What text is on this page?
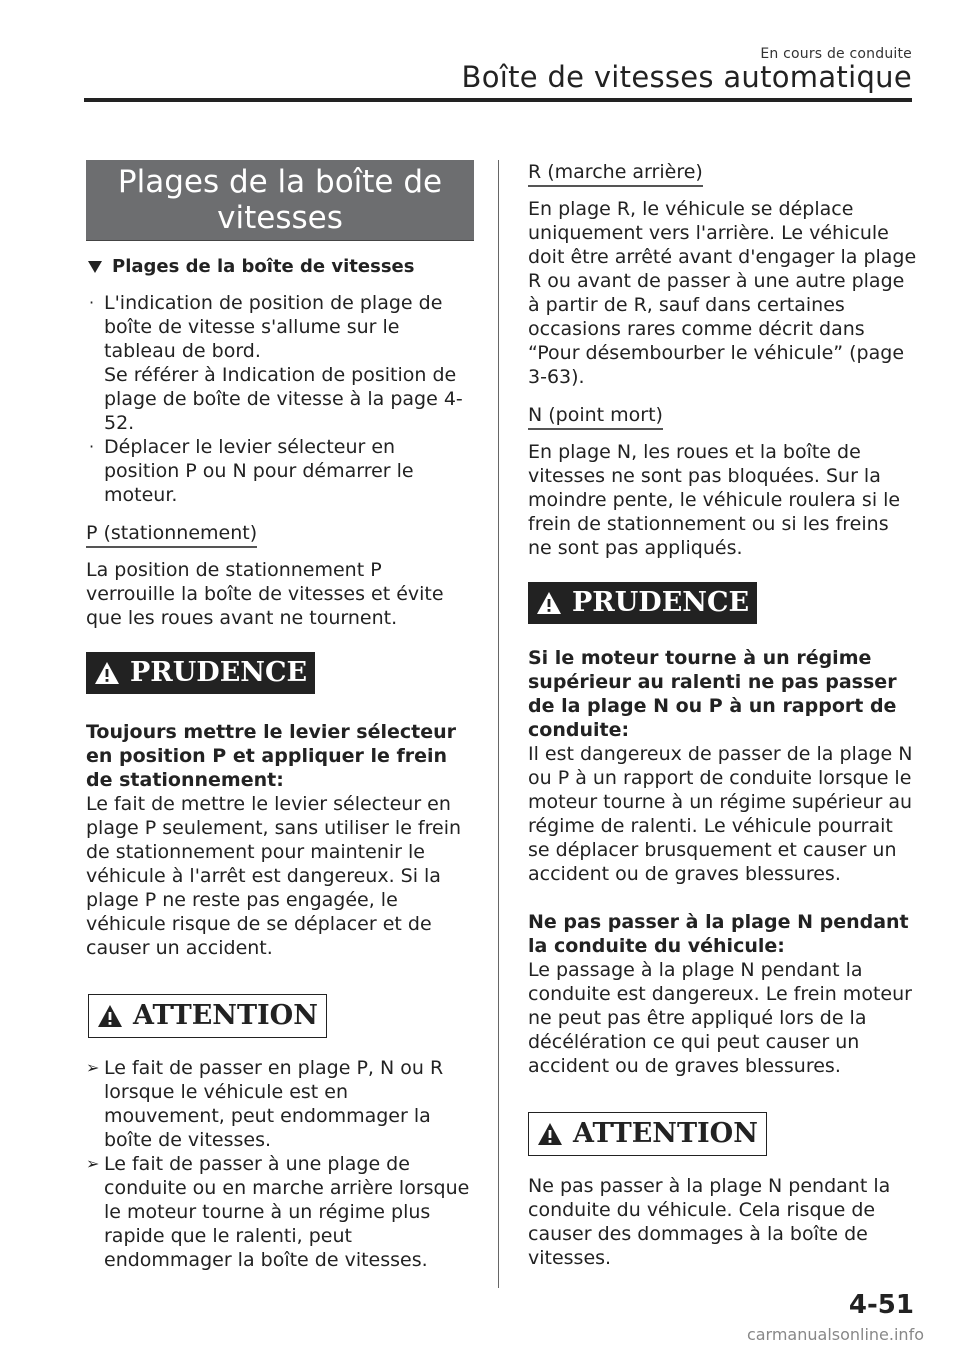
En cours de conduite
Boîte de vitesses automatique
Plages de la boîte de
vitesses
Plages de la boîte de vitesses
· L'indication de position de plage de boîte de vitesse s'allume sur le tableau de bord.
Se référer à Indication de position de plage de boîte de vitesse à la page 4-52.
· Déplacer le levier sélecteur en position P ou N pour démarrer le moteur.
P (stationnement)
La position de stationnement P verrouille la boîte de vitesses et évite que les roues avant ne tournent.
PRUDENCE
Toujours mettre le levier sélecteur en position P et appliquer le frein de stationnement:
Le fait de mettre le levier sélecteur en plage P seulement, sans utiliser le frein de stationnement pour maintenir le véhicule à l'arrêt est dangereux. Si la plage P ne reste pas engagée, le véhicule risque de se déplacer et de causer un accident.
ATTENTION
➢ Le fait de passer en plage P, N ou R lorsque le véhicule est en mouvement, peut endommager la boîte de vitesses.
➢ Le fait de passer à une plage de conduite ou en marche arrière lorsque le moteur tourne à un régime plus rapide que le ralenti, peut endommager la boîte de vitesses.
R (marche arrière)
En plage R, le véhicule se déplace uniquement vers l'arrière. Le véhicule doit être arrêté avant d'engager la plage R ou avant de passer à une autre plage à partir de R, sauf dans certaines occasions rares comme décrit dans “Pour désembourber le véhicule” (page 3-63).
N (point mort)
En plage N, les roues et la boîte de vitesses ne sont pas bloquées. Sur la moindre pente, le véhicule roulera si le frein de stationnement ou si les freins ne sont pas appliqués.
PRUDENCE
Si le moteur tourne à un régime supérieur au ralenti ne pas passer de la plage N ou P à un rapport de conduite:
Il est dangereux de passer de la plage N ou P à un rapport de conduite lorsque le moteur tourne à un régime supérieur au régime de ralenti. Le véhicule pourrait se déplacer brusquement et causer un accident ou de graves blessures.
Ne pas passer à la plage N pendant la conduite du véhicule:
Le passage à la plage N pendant la conduite est dangereux. Le frein moteur ne peut pas être appliqué lors de la décélération ce qui peut causer un accident ou de graves blessures.
ATTENTION
Ne pas passer à la plage N pendant la conduite du véhicule. Cela risque de causer des dommages à la boîte de vitesses.
4-51
carmanualsonline.info
